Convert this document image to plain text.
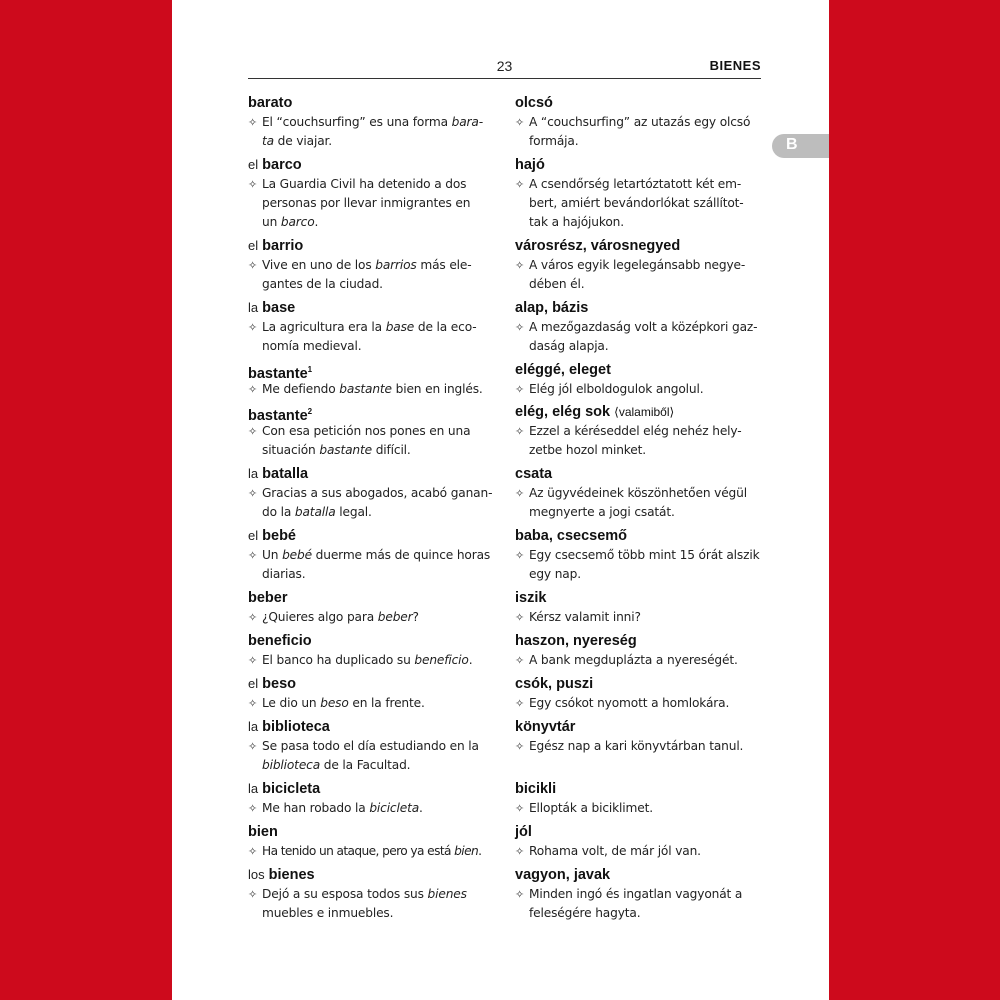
23	BIENES
B
barato
✧ El “couchsurfing” es una forma bara-
ta de viajar.
el barco
✧ La Guardia Civil ha detenido a dos
personas por llevar inmigrantes en
un barco.
el barrio
✧ Vive en uno de los barrios más ele-
gantes de la ciudad.
la base
✧ La agricultura era la base de la eco-
nomía medieval.
bastante$^1$
✧ Me defiendo bastante bien en inglés.
bastante$^2$
✧ Con esa petición nos pones en una
situación bastante difícil.
la batalla
✧ Gracias a sus abogados, acabó ganan-
do la batalla legal.
el bebé
✧ Un bebé duerme más de quince horas
diarias.
beber
✧ ¿Quieres algo para beber?
beneficio
✧ El banco ha duplicado su beneficio.
el beso
✧ Le dio un beso en la frente.
la biblioteca
✧ Se pasa todo el día estudiando en la
biblioteca de la Facultad.
la bicicleta
✧ Me han robado la bicicleta.
bien
✧ Ha tenido un ataque, pero ya está bien.
los bienes
✧ Dejó a su esposa todos sus bienes
muebles e inmuebles.
olcsó
✧ A “couchsurfing” az utazás egy olcsó
formája.
hajó
✧ A csendőrség letartóztatott két em-
bert, amiért bevándorlókat szállítot-
tak a hajójukon.
városrész, városnegyed
✧ A város egyik legelegánsabb negye-
dében él.
alap, bázis
✧ A mezőgazdaság volt a középkori gaz-
daság alapja.
eléggé, eleget
✧ Elég jól elboldogulok angolul.
elég, elég sok ⟨valamiből⟩
✧ Ezzel a kéréseddel elég nehéz hely-
zetbe hozol minket.
csata
✧ Az ügyvédeinek köszönhetően végül
megnyerte a jogi csatát.
baba, csecsemő
✧ Egy csecsemő több mint 15 órát alszik
egy nap.
iszik
✧ Kérsz valamit inni?
haszon, nyereség
✧ A bank megduplázta a nyereségét.
csók, puszi
✧ Egy csókot nyomott a homlokára.
könyvtár
✧ Egész nap a kari könyvtárban tanul.
bicikli
✧ Ellopták a biciklimet.
jól
✧ Rohama volt, de már jól van.
vagyon, javak
✧ Minden ingó és ingatlan vagyonát a
feleségére hagyta.
